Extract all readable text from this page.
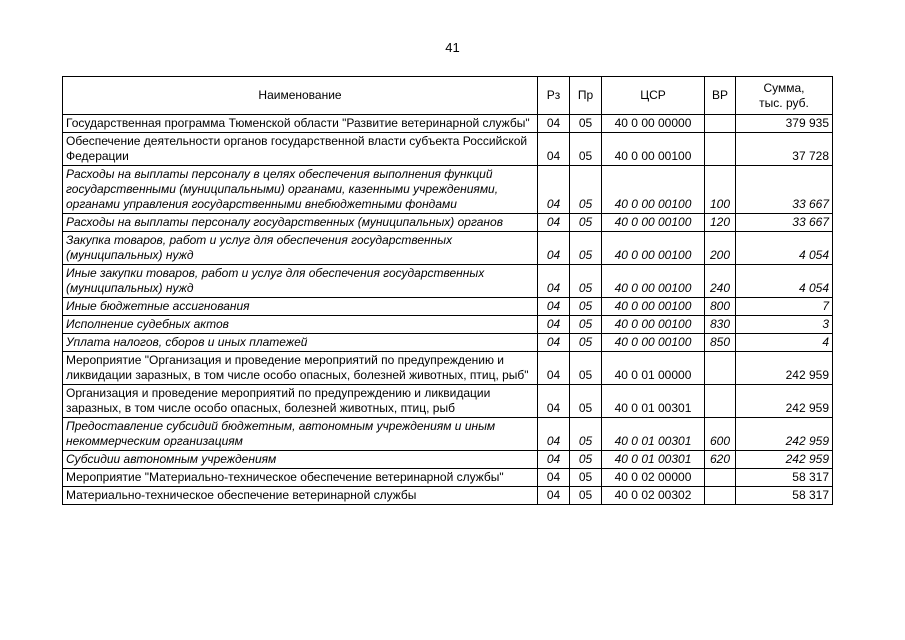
41
Наименование	Рз	Пр	ЦСР	ВР	Сумма,
тыс. руб.

Государственная программа Тюменской области "Развитие ветеринарной службы"	04	05	40 0 00 00000		379 935
Обеспечение деятельности органов государственной власти субъекта Российской Федерации	04	05	40 0 00 00100		37 728
Расходы на выплаты персоналу в целях обеспечения выполнения функций государственными (муниципальными) органами, казенными учреждениями, органами управления государственными внебюджетными фондами	04	05	40 0 00 00100	100	33 667
Расходы на выплаты персоналу государственных (муниципальных) органов	04	05	40 0 00 00100	120	33 667
Закупка товаров, работ и услуг для обеспечения государственных (муниципальных) нужд	04	05	40 0 00 00100	200	4 054
Иные закупки товаров, работ и услуг для обеспечения государственных (муниципальных) нужд	04	05	40 0 00 00100	240	4 054
Иные бюджетные ассигнования	04	05	40 0 00 00100	800	7
Исполнение судебных актов	04	05	40 0 00 00100	830	3
Уплата налогов, сборов и иных платежей	04	05	40 0 00 00100	850	4
Мероприятие "Организация и проведение мероприятий по предупреждению и ликвидации заразных, в том числе особо опасных, болезней животных, птиц, рыб"	04	05	40 0 01 00000		242 959
Организация и проведение мероприятий по предупреждению и ликвидации заразных, в том числе особо опасных, болезней животных, птиц, рыб	04	05	40 0 01 00301		242 959
Предоставление субсидий бюджетным, автономным учреждениям и иным некоммерческим организациям	04	05	40 0 01 00301	600	242 959
Субсидии автономным учреждениям	04	05	40 0 01 00301	620	242 959
Мероприятие "Материально-техническое обеспечение ветеринарной службы"	04	05	40 0 02 00000		58 317
Материально-техническое обеспечение ветеринарной службы	04	05	40 0 02 00302		58 317
